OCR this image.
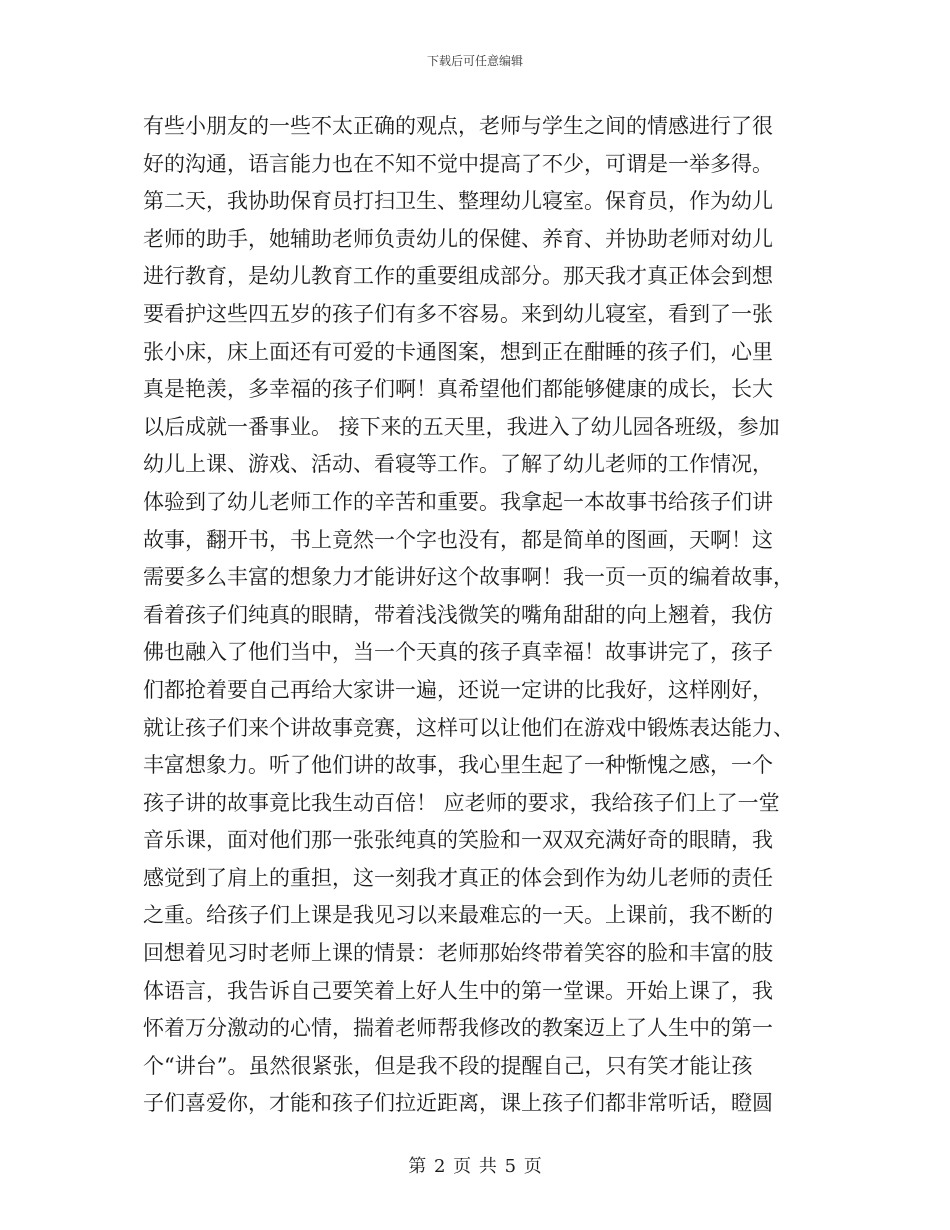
下载后可任意编辑
有些小朋友的一些不太正确的观点，老师与学生之间的情感进行了很
好的沟通，语言能力也在不知不觉中提高了不少，可谓是一举多得。
第二天，我协助保育员打扫卫生、整理幼儿寝室。保育员，作为幼儿
老师的助手，她辅助老师负责幼儿的保健、养育、并协助老师对幼儿
进行教育，是幼儿教育工作的重要组成部分。那天我才真正体会到想
要看护这些四五岁的孩子们有多不容易。来到幼儿寝室，看到了一张
张小床，床上面还有可爱的卡通图案，想到正在酣睡的孩子们，心里
真是艳羡，多幸福的孩子们啊！真希望他们都能够健康的成长，长大
以后成就一番事业。 接下来的五天里，我进入了幼儿园各班级，参加
幼儿上课、游戏、活动、看寝等工作。了解了幼儿老师的工作情况，
体验到了幼儿老师工作的辛苦和重要。我拿起一本故事书给孩子们讲
故事，翻开书，书上竟然一个字也没有，都是简单的图画，天啊！这
需要多么丰富的想象力才能讲好这个故事啊！我一页一页的编着故事，
看着孩子们纯真的眼睛，带着浅浅微笑的嘴角甜甜的向上翘着，我仿
佛也融入了他们当中，当一个天真的孩子真幸福！故事讲完了，孩子
们都抢着要自己再给大家讲一遍，还说一定讲的比我好，这样刚好，
就让孩子们来个讲故事竞赛，这样可以让他们在游戏中锻炼表达能力、
丰富想象力。听了他们讲的故事，我心里生起了一种惭愧之感，一个
孩子讲的故事竟比我生动百倍！ 应老师的要求，我给孩子们上了一堂
音乐课，面对他们那一张张纯真的笑脸和一双双充满好奇的眼睛，我
感觉到了肩上的重担，这一刻我才真正的体会到作为幼儿老师的责任
之重。给孩子们上课是我见习以来最难忘的一天。上课前，我不断的
回想着见习时老师上课的情景：老师那始终带着笑容的脸和丰富的肢
体语言，我告诉自己要笑着上好人生中的第一堂课。开始上课了，我
怀着万分激动的心情，揣着老师帮我修改的教案迈上了人生中的第一
个“讲台”。虽然很紧张，但是我不段的提醒自己，只有笑才能让孩
子们喜爱你，才能和孩子们拉近距离，课上孩子们都非常听话，瞪圆
第 2 页 共 5 页
